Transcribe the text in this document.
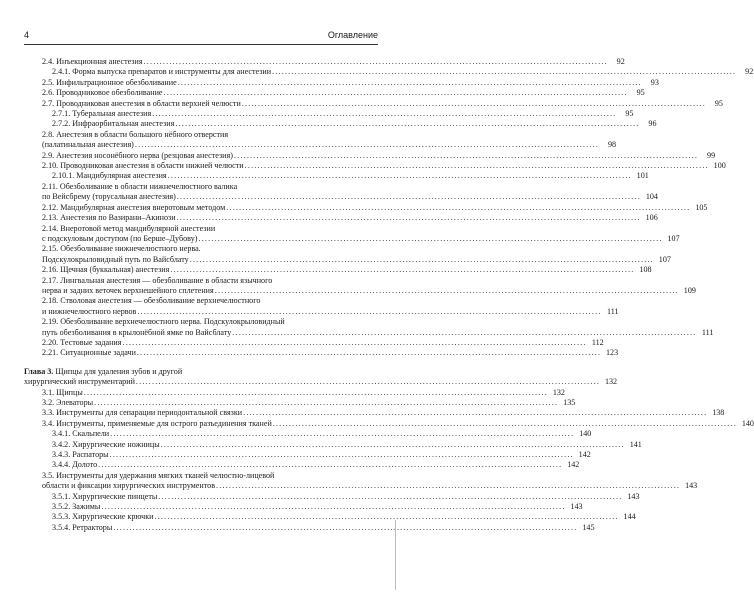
4	Оглавление
2.4. Инъекционная анестезия .....	92
2.4.1. Форма выпуска препаратов и инструменты для анестезии .....	92
2.5. Инфильтрационное обезболивание .....	93
2.6. Проводниковое обезболивание .....	95
2.7. Проводниковая анестезия в области верхней челюсти .....	95
2.7.1. Туберальная анестезия .....	95
2.7.2. Инфраорбитальная анестезия .....	96
2.8. Анестезия в области большого нёбного отверстия
(палатинальная анестезия) .....	98
2.9. Анестезия носонёбного нерва (резцовая анестезия) .....	99
2.10. Проводниковая анестезия в области нижней челюсти .....	100
2.10.1. Мандибулярная анестезия .....	101
2.11. Обезболивание в области нижнечелюстного валика
по Вейсбрему (торусальная анестезия) .....	104
2.12. Мандибулярная анестезия внеротовым методом .....	105
2.13. Анестезия по Вазирани–Акинози .....	106
2.14. Внеротовой метод мандибулярной анестезии
с подскуловым доступом (по Берше–Дубову) .....	107
2.15. Обезболивание нижнечелюстного нерва.
Подскулокрыловидный путь по Вайсблату .....	107
2.16. Щечная (буккальная) анестезия .....	108
2.17. Лингвальная анестезия — обезболивание в области язычного
нерва и задних веточек верхнешейного сплетения .....	109
2.18. Стволовая анестезия — обезболивание верхнечелюстного
и нижнечелюстного нервов .....	111
2.19. Обезболивание верхнечелюстного нерва. Подскулокрыловидный
путь обезболивания в крылонёбной ямке по Вайсблату .....	111
2.20. Тестовые задания .....	112
2.21. Ситуационные задачи .....	123
Глава 3. Щипцы для удаления зубов и другой
хирургический инструментарий .....	132
3.1. Щипцы .....	132
3.2. Элеваторы .....	135
3.3. Инструменты для сепарации периодонтальной связки .....	138
3.4. Инструменты, применяемые для острого разъединения тканей .....	140
3.4.1. Скальпели .....	140
3.4.2. Хирургические ножницы .....	141
3.4.3. Распаторы .....	142
3.4.4. Долото .....	142
3.5. Инструменты для удержания мягких тканей челюстно-лицевой
области и фиксации хирургических инструментов .....	143
3.5.1. Хирургические пинцеты .....	143
3.5.2. Зажимы .....	143
3.5.3. Хирургические крючки .....	144
3.5.4. Ретракторы .....	145
